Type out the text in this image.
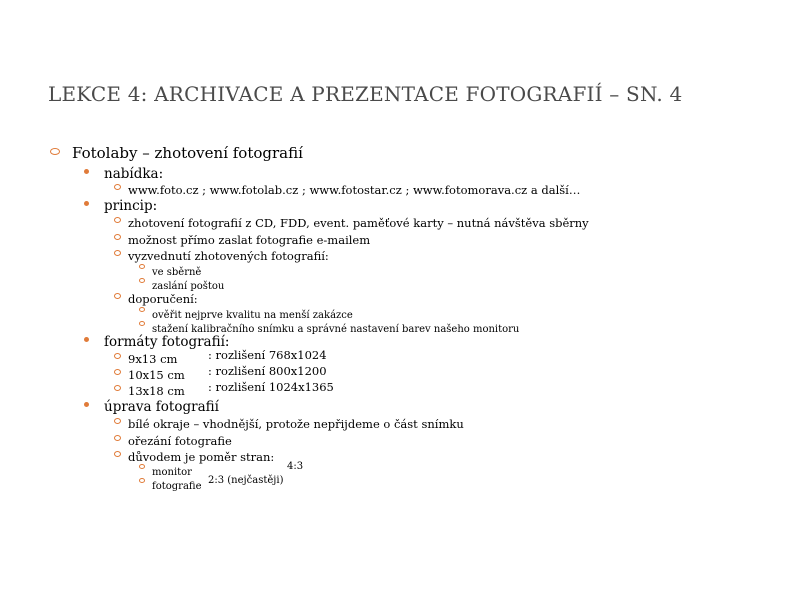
LEKCE 4: ARCHIVACE A PREZENTACE FOTOGRAFIÍ – SN. 4
Fotolaby – zhotovení fotografií
nabídka:
www.foto.cz ; www.fotolab.cz ; www.fotostar.cz ; www.fotomorava.cz a další…
princip:
zhotovení fotografií z CD, FDD, event. paměťové karty – nutná návštěva sběrny
možnost přímo zaslat fotografie e-mailem
vyzvednutí zhotovených fotografií:
ve sběrně
zaslání poštou
doporučení:
ověřit nejprve kvalitu na menší zakázce
stažení kalibračního snímku a správné nastavení barev našeho monitoru
formáty fotografií:
9x13 cm	: rozlišení 768x1024
10x15 cm : rozlišení 800x1200
13x18 cm : rozlišení 1024x1365
úprava fotografií
bílé okraje – vhodnější, protože nepřijdeme o část snímku
ořezání fotografie
důvodem je poměr stran:
monitor
4:3
fotografie
2:3 (nejčastěji)
